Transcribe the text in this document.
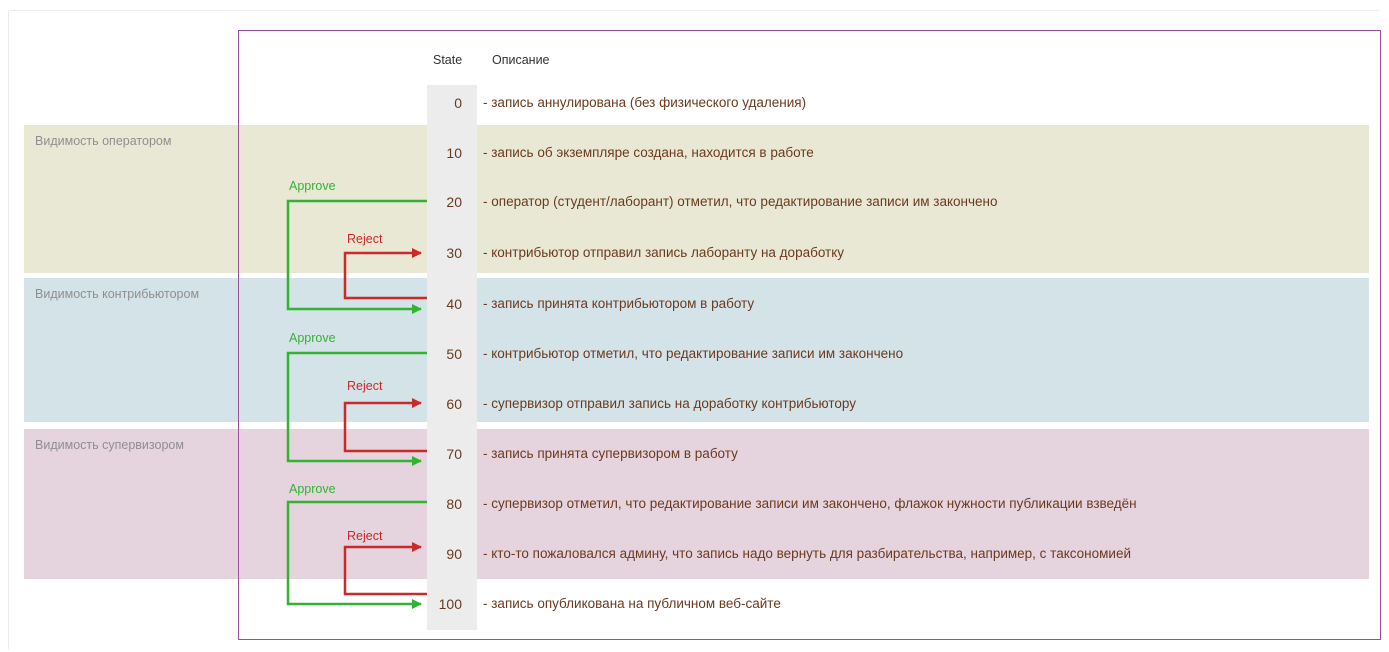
Видимость оператором
Видимость контрибьютором
Видимость супервизором
State Описание
0 - запись аннулирована (без физического удаления)
10 - запись об экземпляре создана, находится в работе
20 - оператор (студент/лаборант) отметил, что редактирование записи им закончено
30 - контрибьютор отправил запись лаборанту на доработку
40 - запись принята контрибьютором в работу
50 - контрибьютор отметил, что редактирование записи им закончено
60 - супервизор отправил запись на доработку контрибьютору
70 - запись принята супервизором в работу
80 - супервизор отметил, что редактирование записи им закончено, флажок нужности публикации взведён
90 - кто-то пожаловался админу, что запись надо вернуть для разбирательства, например, с таксономией
100 - запись опубликована на публичном веб-сайте
Approve
Reject
Approve
Reject
Approve
Reject
